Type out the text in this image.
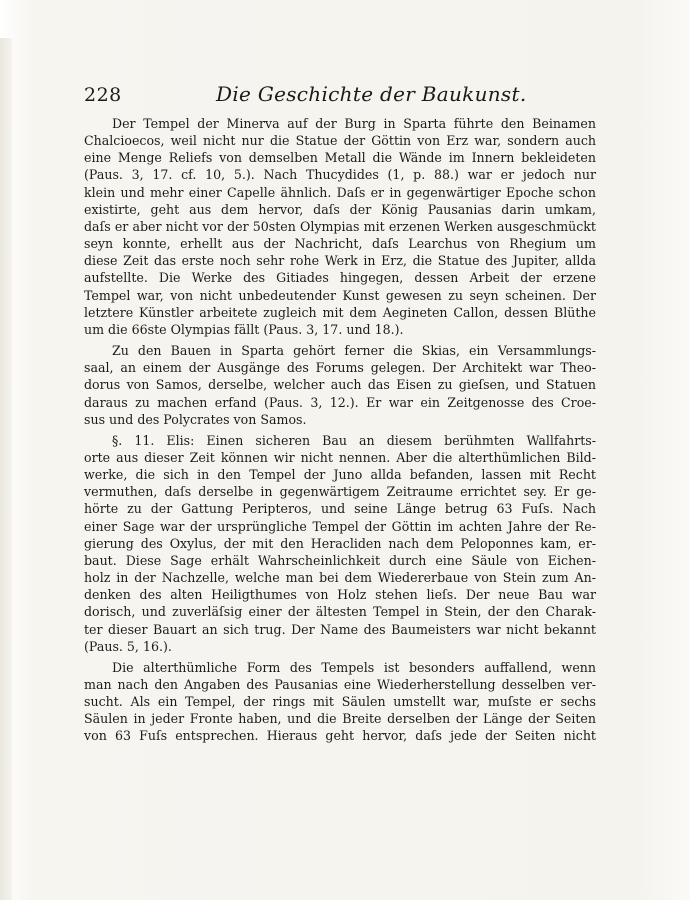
228	Die Geschichte der Baukunst.
Der Tempel der Minerva auf der Burg in Sparta führte den Beinamen
Chalcioecos, weil nicht nur die Statue der Göttin von Erz war, sondern auch
eine Menge Reliefs von demselben Metall die Wände im Innern bekleideten
(Paus. 3, 17. cf. 10, 5.). Nach Thucydides (1, p. 88.) war er jedoch nur
klein und mehr einer Capelle ähnlich. Daſs er in gegenwärtiger Epoche schon
existirte, geht aus dem hervor, daſs der König Pausanias darin umkam,
daſs er aber nicht vor der 50sten Olympias mit erzenen Werken ausgeschmückt
seyn konnte, erhellt aus der Nachricht, daſs Learchus von Rhegium um
diese Zeit das erste noch sehr rohe Werk in Erz, die Statue des Jupiter, allda
aufstellte. Die Werke des Gitiades hingegen, dessen Arbeit der erzene
Tempel war, von nicht unbedeutender Kunst gewesen zu seyn scheinen. Der
letztere Künstler arbeitete zugleich mit dem Aegineten Callon, dessen Blüthe
um die 66ste Olympias fällt (Paus. 3, 17. und 18.).
Zu den Bauen in Sparta gehört ferner die Skias, ein Versammlungs-
saal, an einem der Ausgänge des Forums gelegen. Der Architekt war Theo-
dorus von Samos, derselbe, welcher auch das Eisen zu gieſsen, und Statuen
daraus zu machen erfand (Paus. 3, 12.). Er war ein Zeitgenosse des Croe-
sus und des Polycrates von Samos.
§. 11. Elis: Einen sicheren Bau an diesem berühmten Wallfahrts-
orte aus dieser Zeit können wir nicht nennen. Aber die alterthümlichen Bild-
werke, die sich in den Tempel der Juno allda befanden, lassen mit Recht
vermuthen, daſs derselbe in gegenwärtigem Zeitraume errichtet sey. Er ge-
hörte zu der Gattung Peripteros, und seine Länge betrug 63 Fuſs. Nach
einer Sage war der ursprüngliche Tempel der Göttin im achten Jahre der Re-
gierung des Oxylus, der mit den Heracliden nach dem Peloponnes kam, er-
baut. Diese Sage erhält Wahrscheinlichkeit durch eine Säule von Eichen-
holz in der Nachzelle, welche man bei dem Wiedererbaue von Stein zum An-
denken des alten Heiligthumes von Holz stehen lieſs. Der neue Bau war
dorisch, und zuverläſsig einer der ältesten Tempel in Stein, der den Charak-
ter dieser Bauart an sich trug. Der Name des Baumeisters war nicht bekannt
(Paus. 5, 16.).
Die alterthümliche Form des Tempels ist besonders auffallend, wenn
man nach den Angaben des Pausanias eine Wiederherstellung desselben ver-
sucht. Als ein Tempel, der rings mit Säulen umstellt war, muſste er sechs
Säulen in jeder Fronte haben, und die Breite derselben der Länge der Seiten
von 63 Fuſs entsprechen. Hieraus geht hervor, daſs jede der Seiten nicht
